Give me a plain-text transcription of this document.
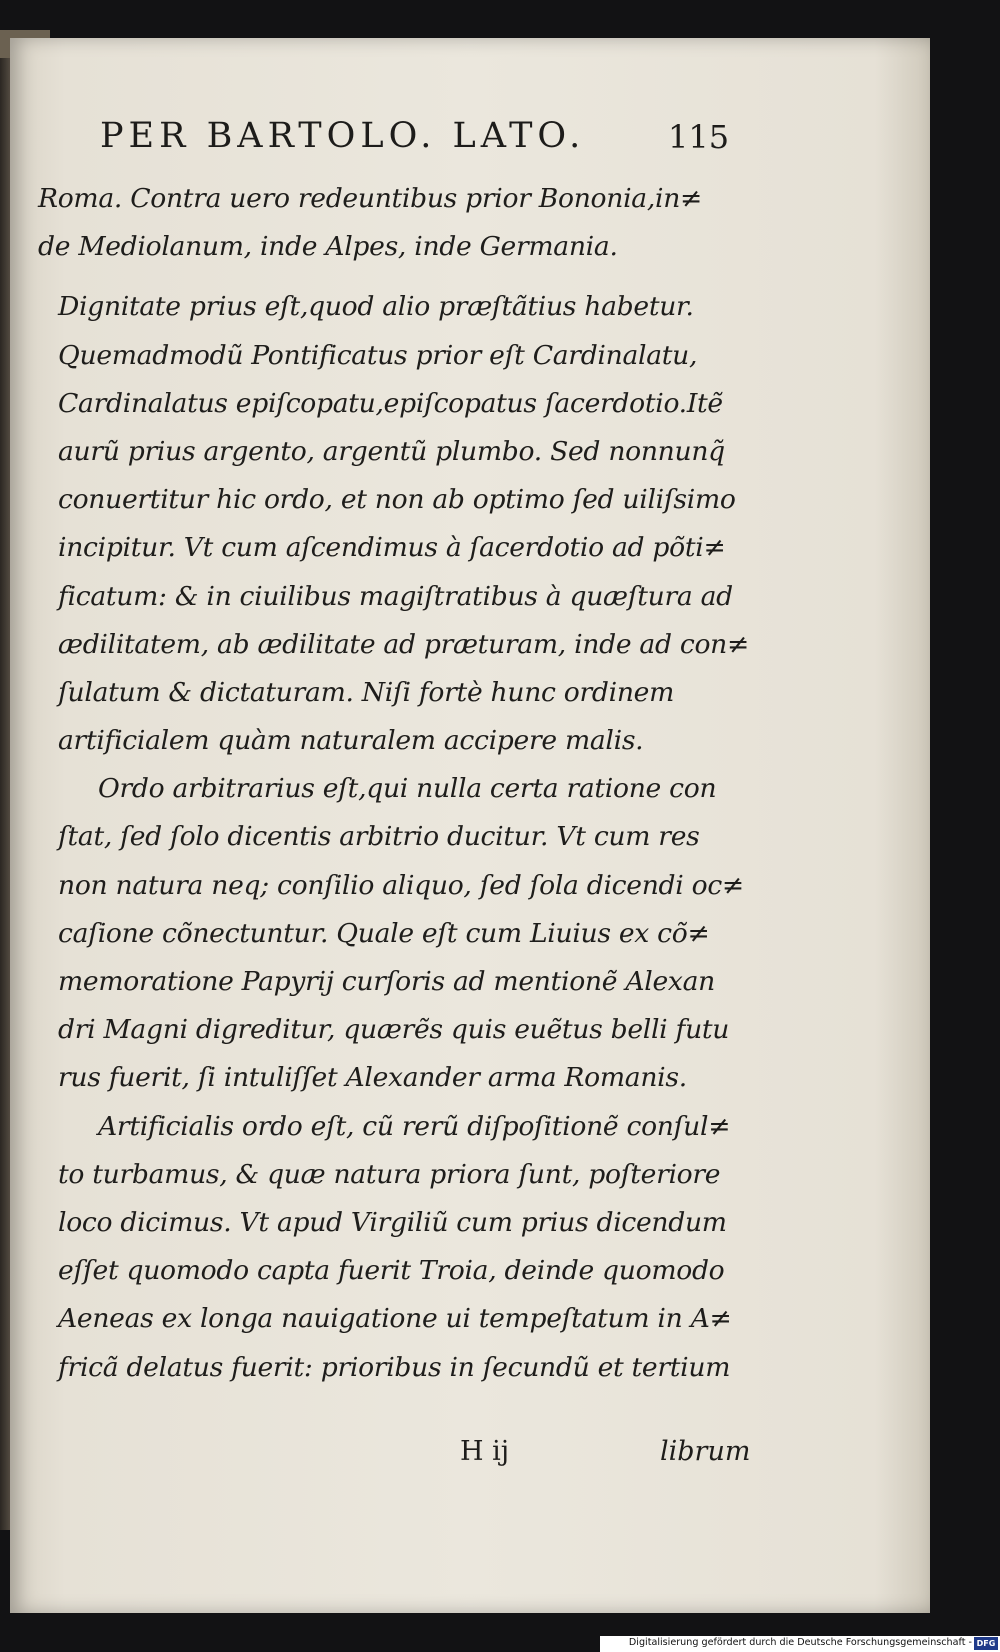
PER BARTOLO. LATO.	115
Roma. Contra uero redeuntibus prior Bononia,in≠
de Mediolanum, inde Alpes, inde Germania.
Dignitate prius eſt,quod alio præſtãtius habetur.
Quemadmodũ Pontificatus prior eſt Cardinalatu,
Cardinalatus epiſcopatu,epiſcopatus ſacerdotio.Itẽ
aurũ prius argento, argentũ plumbo. Sed nonnunq̃
conuertitur hic ordo, et non ab optimo ſed uiliſsimo
incipitur. Vt cum aſcendimus à ſacerdotio ad põti≠
ficatum: & in ciuilibus magiſtratibus à quæſtura ad
ædilitatem, ab ædilitate ad præturam, inde ad con≠
ſulatum & dictaturam. Niſi fortè hunc ordinem
artificialem quàm naturalem accipere malis.
Ordo arbitrarius eſt,qui nulla certa ratione con
ſtat, ſed ſolo dicentis arbitrio ducitur. Vt cum res
non natura neq; conſilio aliquo, ſed ſola dicendi oc≠
caſione cõnectuntur. Quale eſt cum Liuius ex cõ≠
memoratione Papyrij curſoris ad mentionẽ Alexan
dri Magni digreditur, quærẽs quis euẽtus belli futu
rus fuerit, ſi intuliſſet Alexander arma Romanis.
Artificialis ordo eſt, cũ rerũ diſpoſitionẽ conſul≠
to turbamus, & quæ natura priora ſunt, poſteriore
loco dicimus. Vt apud Virgiliũ cum prius dicendum
eſſet quomodo capta fuerit Troia, deinde quomodo
Aeneas ex longa nauigatione ui tempeſtatum in A≠
fricã delatus fuerit: prioribus in ſecundũ et tertium
H ij	librum
Digitalisierung gefördert durch die Deutsche Forschungsgemeinschaft - DFG
